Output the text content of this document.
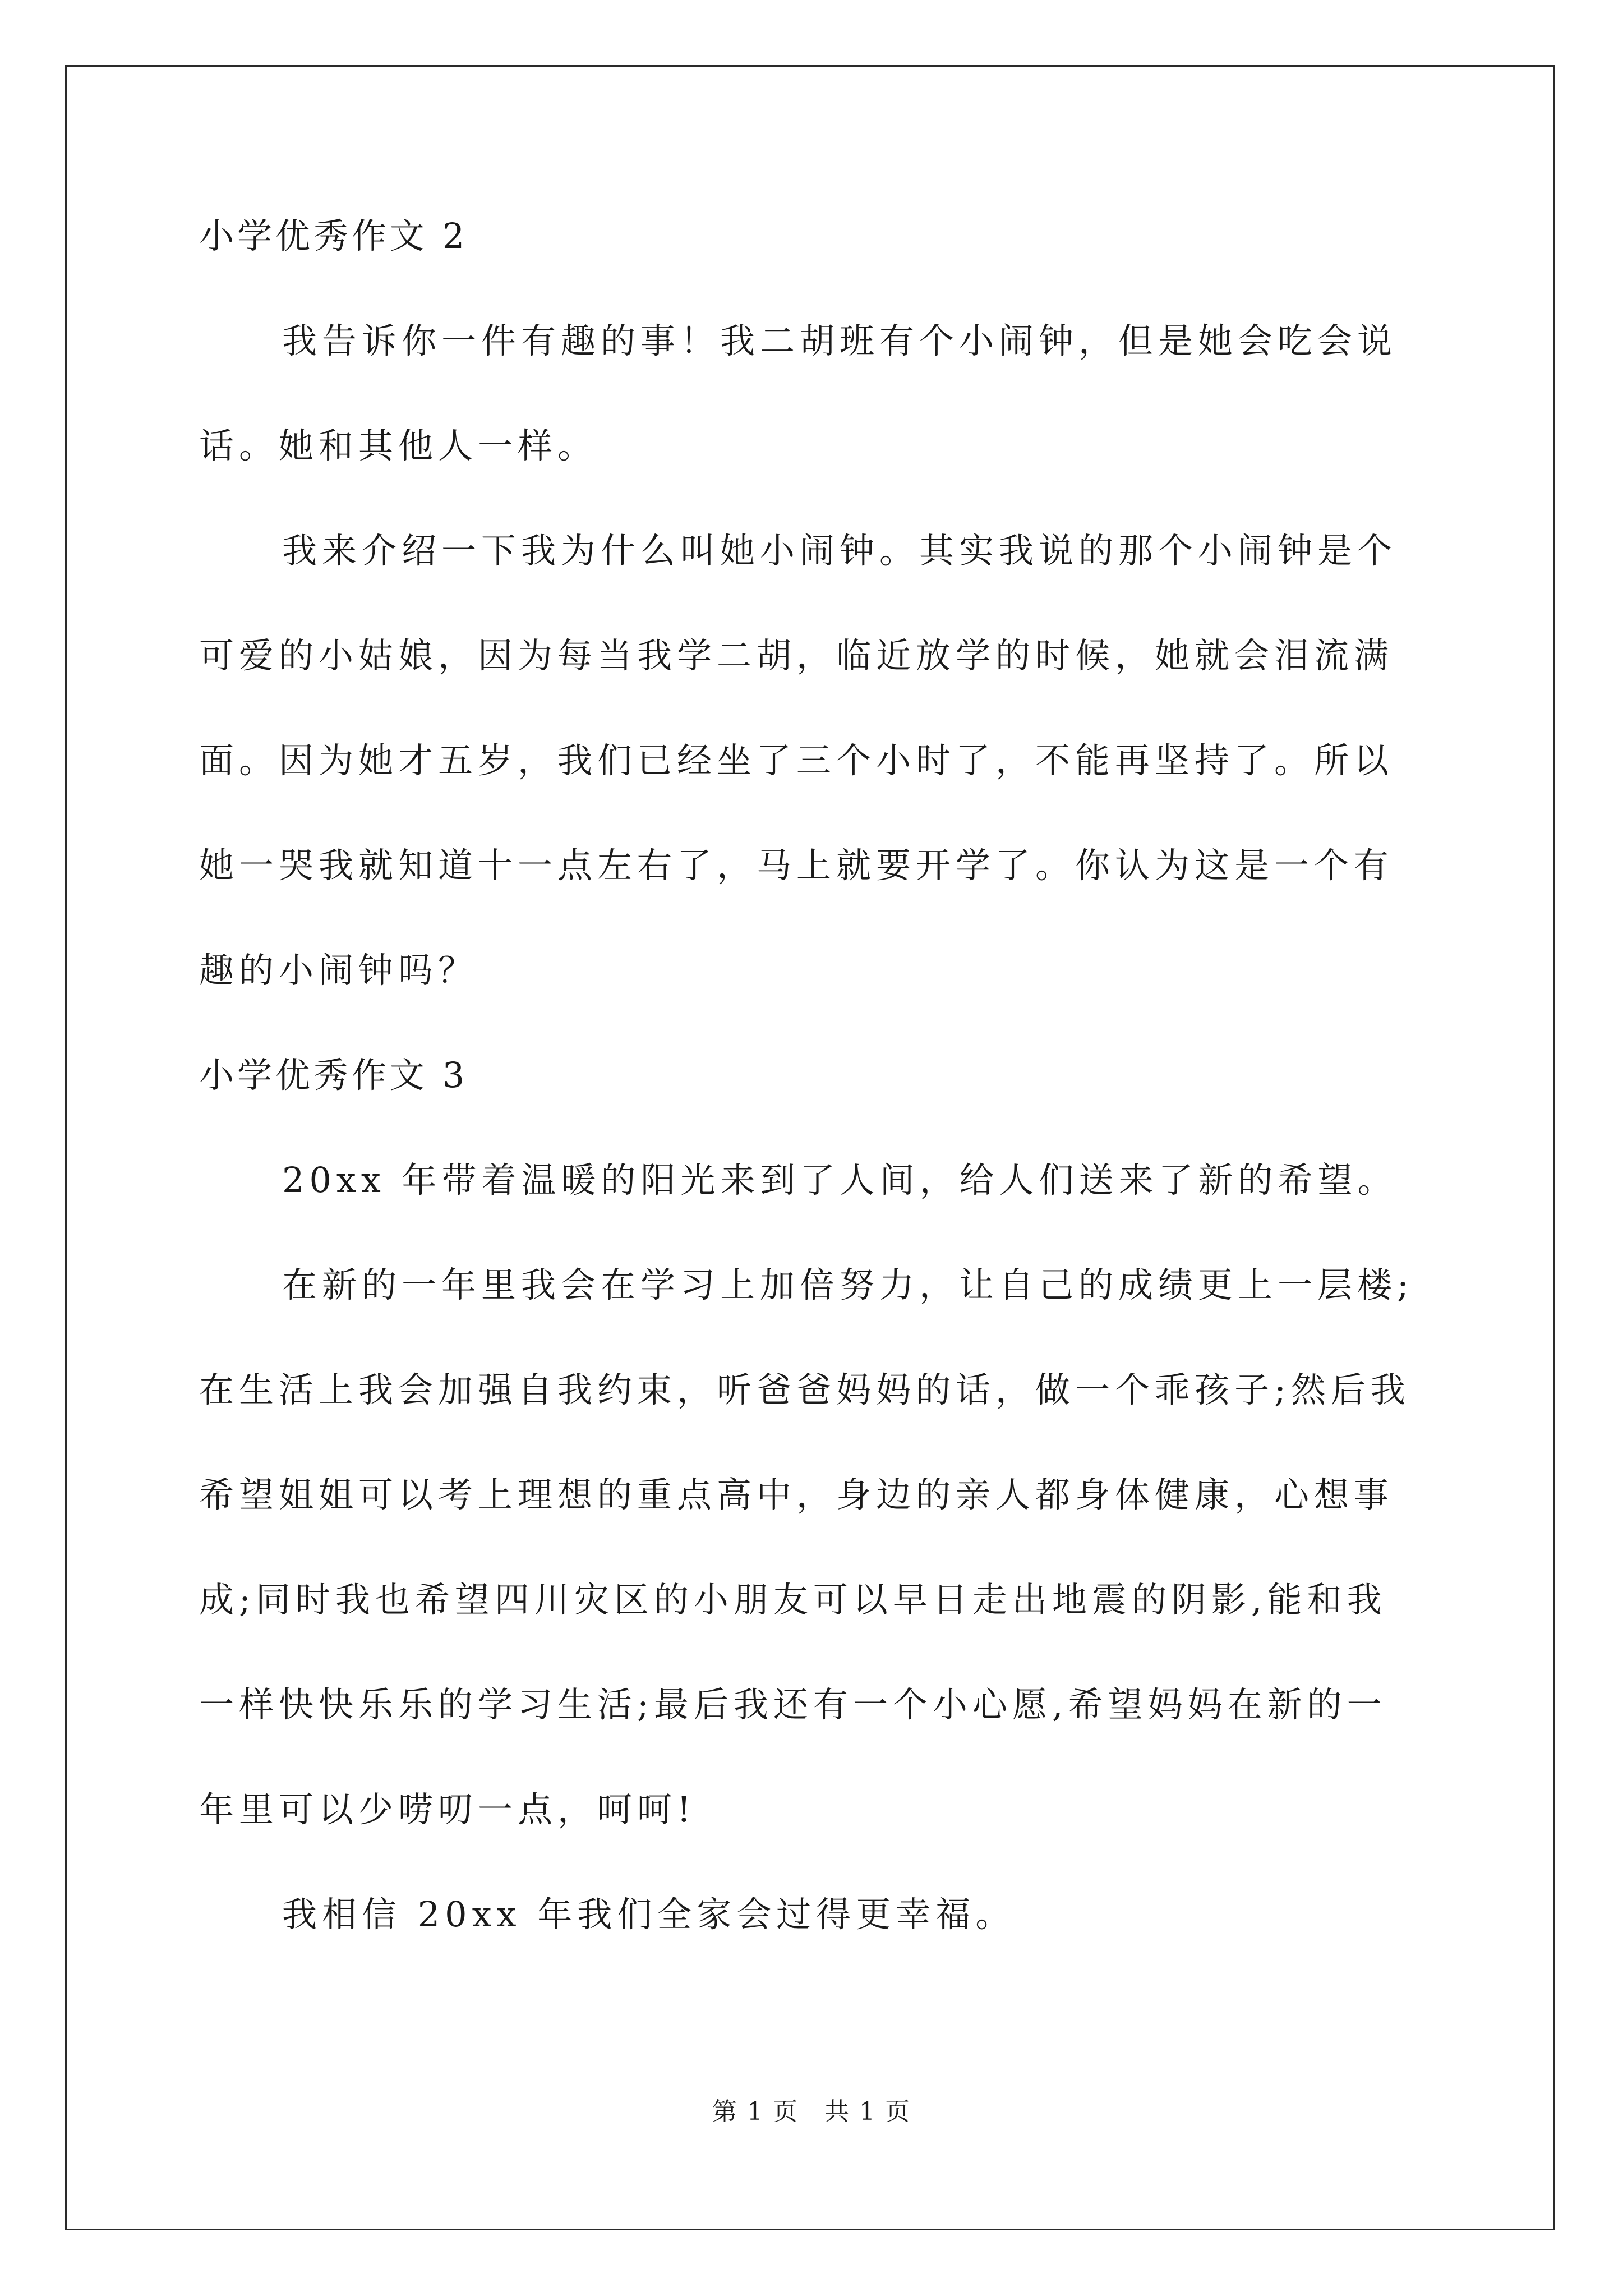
小学优秀作文 2
我告诉你一件有趣的事！我二胡班有个小闹钟，但是她会吃会说
话。她和其他人一样。
我来介绍一下我为什么叫她小闹钟。其实我说的那个小闹钟是个
可爱的小姑娘，因为每当我学二胡，临近放学的时候，她就会泪流满
面。因为她才五岁，我们已经坐了三个小时了，不能再坚持了。所以
她一哭我就知道十一点左右了，马上就要开学了。你认为这是一个有
趣的小闹钟吗？
小学优秀作文 3
20xx 年带着温暖的阳光来到了人间，给人们送来了新的希望。
在新的一年里我会在学习上加倍努力，让自己的成绩更上一层楼;
在生活上我会加强自我约束，听爸爸妈妈的话，做一个乖孩子;然后我
希望姐姐可以考上理想的重点高中，身边的亲人都身体健康，心想事
成;同时我也希望四川灾区的小朋友可以早日走出地震的阴影,能和我
一样快快乐乐的学习生活;最后我还有一个小心愿,希望妈妈在新的一
年里可以少唠叨一点，呵呵!
我相信 20xx 年我们全家会过得更幸福。
第 1 页　共 1 页
